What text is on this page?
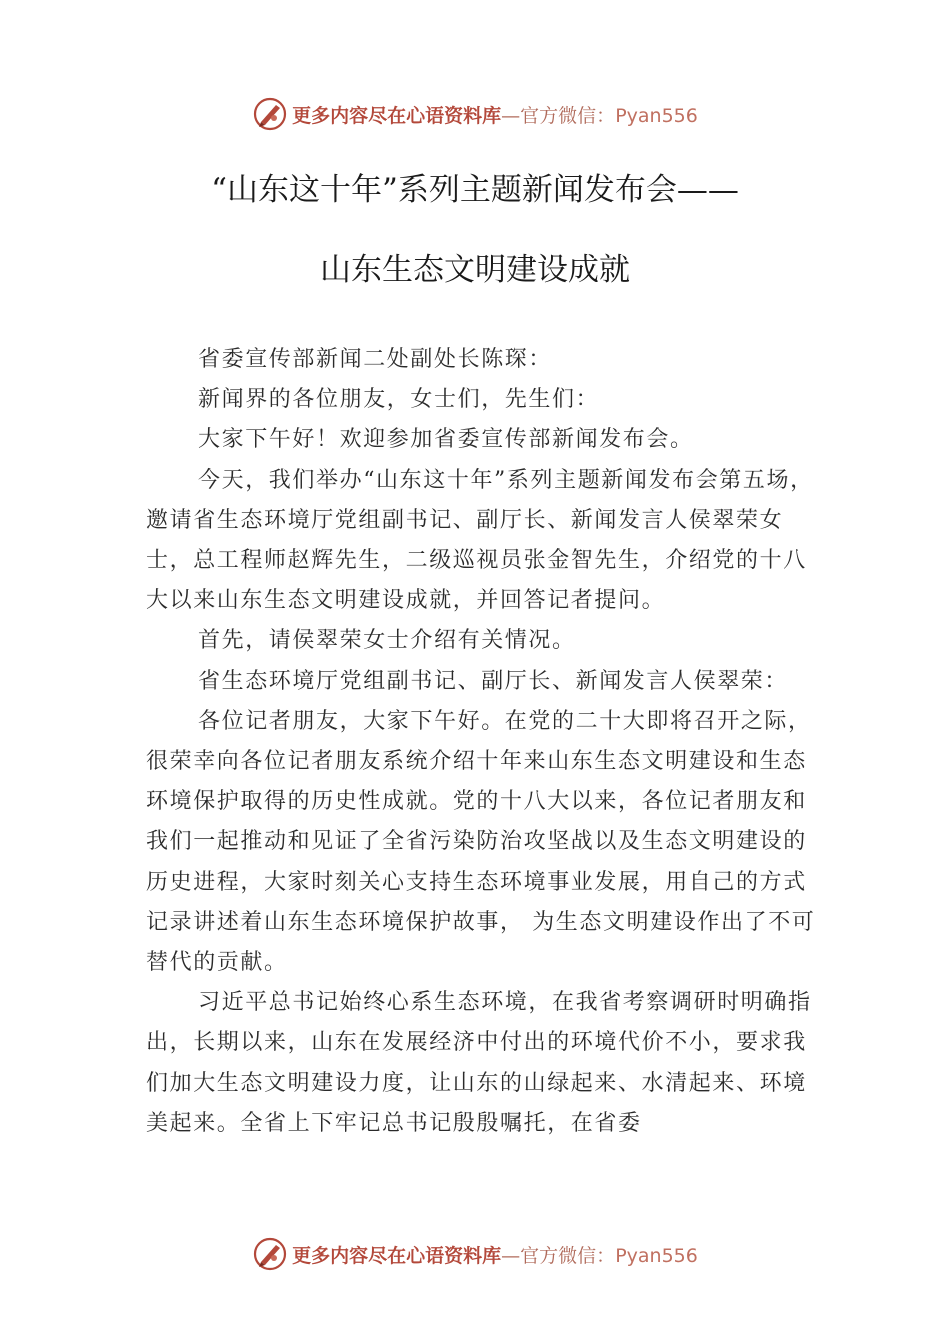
更多内容尽在心语资料库—官方微信：Pyan556
“山东这十年”系列主题新闻发布会——
山东生态文明建设成就

省委宣传部新闻二处副处长陈琛：

新闻界的各位朋友，女士们，先生们：

大家下午好！欢迎参加省委宣传部新闻发布会。

今天，我们举办“山东这十年”系列主题新闻发布会第五场，邀请省生态环境厅党组副书记、副厅长、新闻发言人侯翠荣女士，总工程师赵辉先生，二级巡视员张金智先生，介绍党的十八大以来山东生态文明建设成就，并回答记者提问。

首先，请侯翠荣女士介绍有关情况。

省生态环境厅党组副书记、副厅长、新闻发言人侯翠荣：

各位记者朋友，大家下午好。在党的二十大即将召开之际，很荣幸向各位记者朋友系统介绍十年来山东生态文明建设和生态环境保护取得的历史性成就。党的十八大以来，各位记者朋友和我们一起推动和见证了全省污染防治攻坚战以及生态文明建设的历史进程，大家时刻关心支持生态环境事业发展，用自己的方式记录讲述着山东生态环境保护故事， 为生态文明建设作出了不可替代的贡献。

习近平总书记始终心系生态环境，在我省考察调研时明确指出，长期以来，山东在发展经济中付出的环境代价不小，要求我们加大生态文明建设力度，让山东的山绿起来、水清起来、环境美起来。全省上下牢记总书记殷殷嘱托，在省委

更多内容尽在心语资料库—官方微信：Pyan556
